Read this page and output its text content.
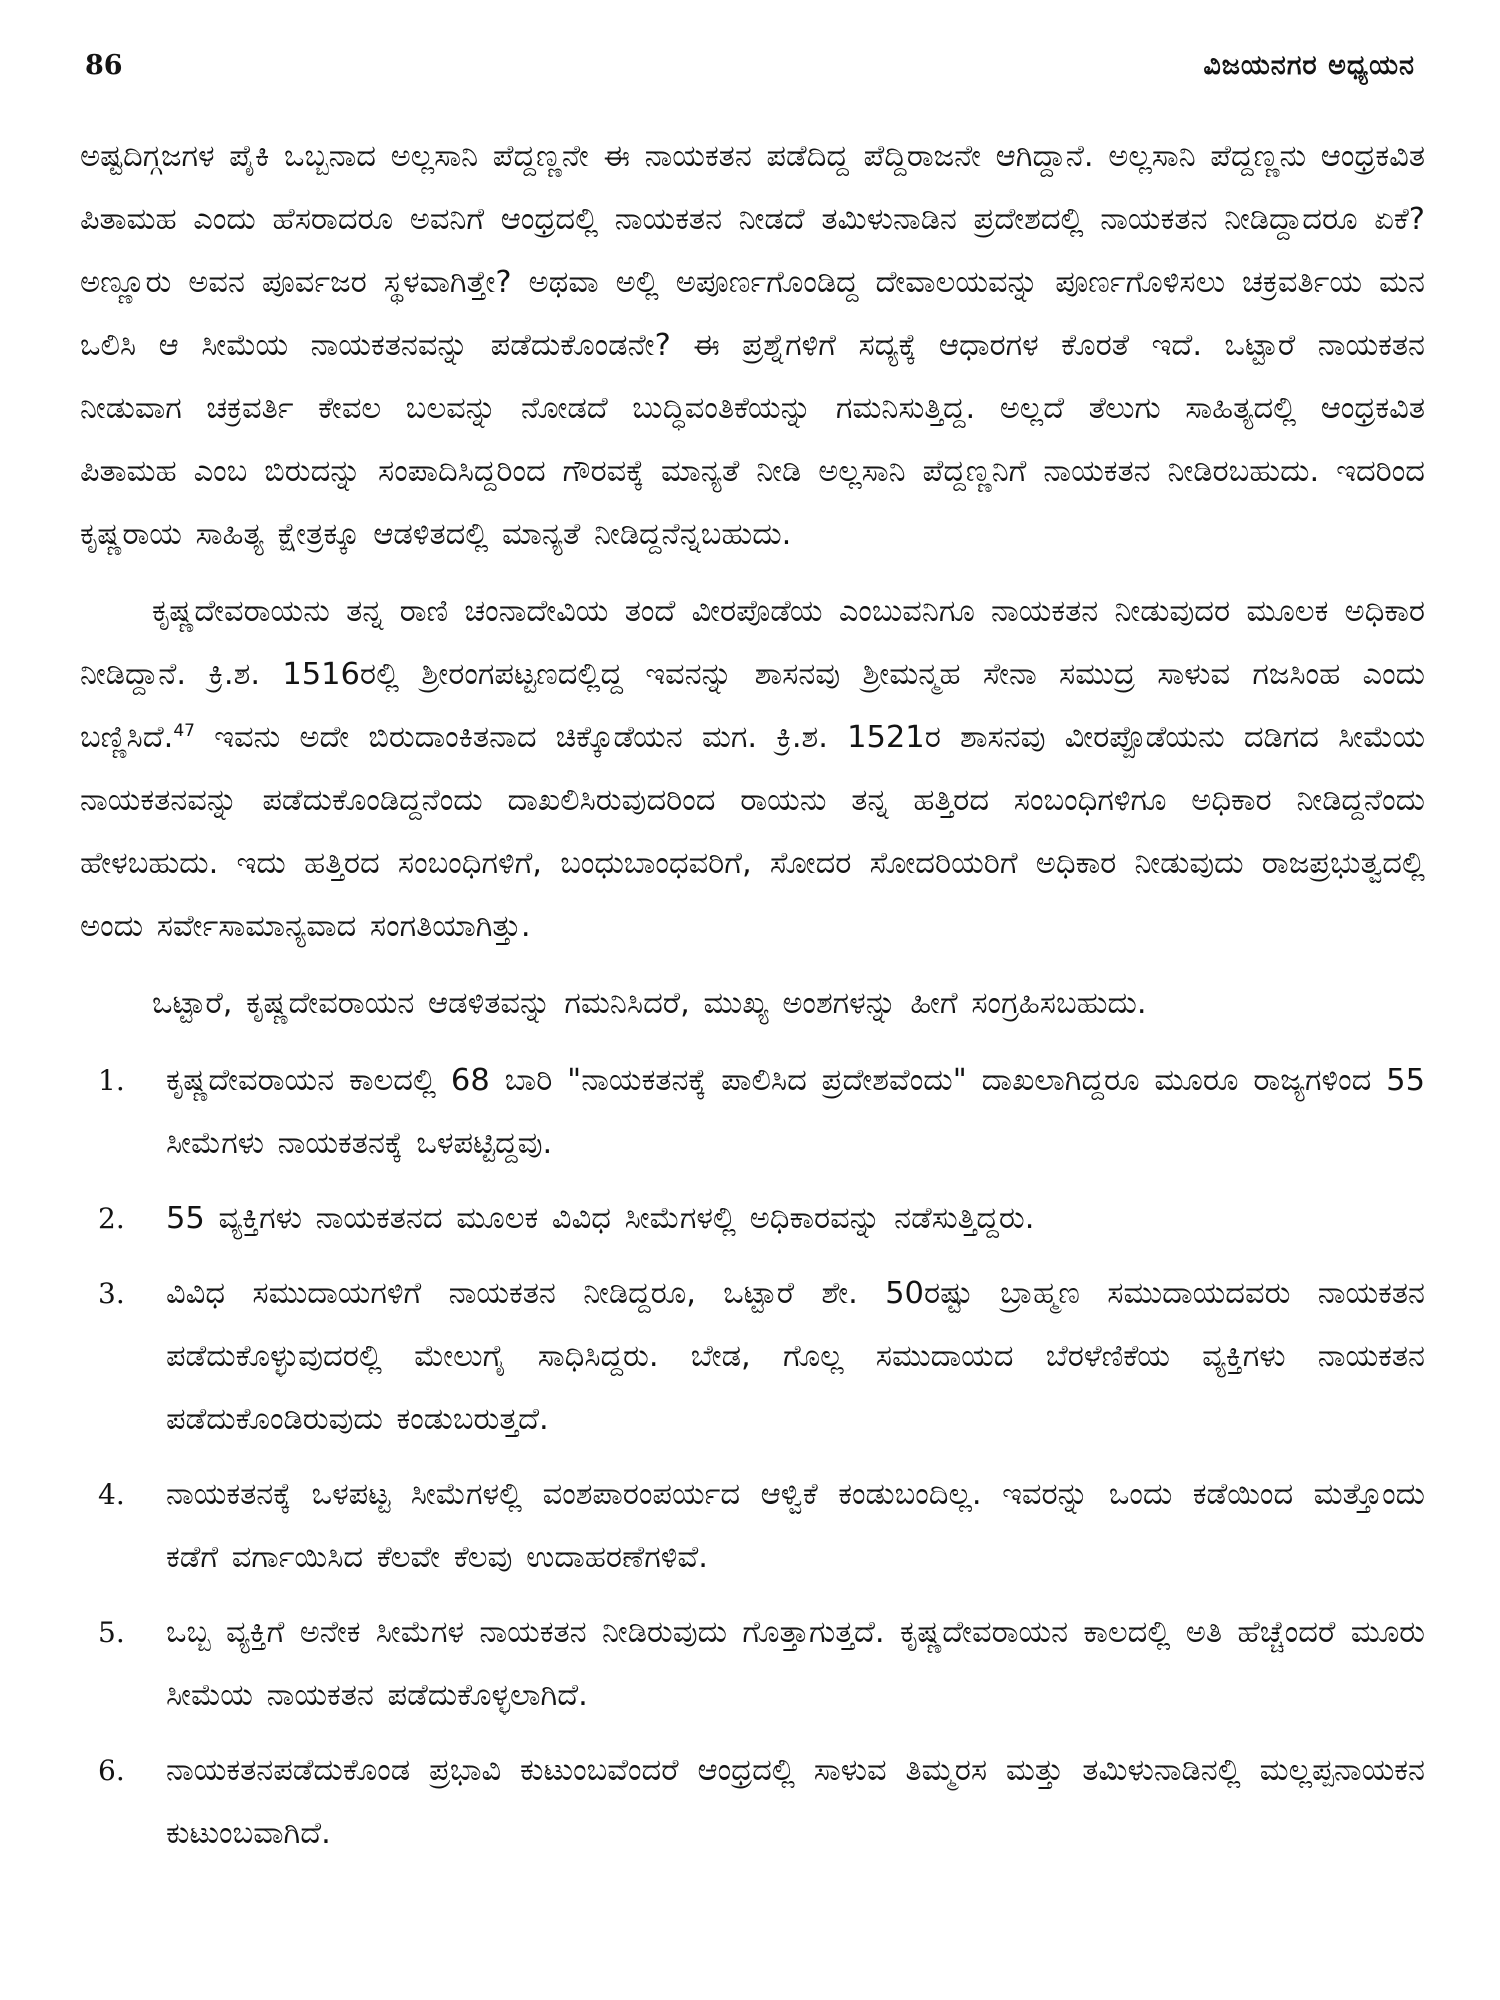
86	ವಿಜಯನಗರ ಅಧ್ಯಯನ

ಅಷ್ಟದಿಗ್ಗಜಗಳ ಪೈಕಿ ಒಬ್ಬನಾದ ಅಲ್ಲಸಾನಿ ಪೆದ್ದಣ್ಣನೇ ಈ ನಾಯಕತನ ಪಡೆದಿದ್ದ ಪೆದ್ದಿರಾಜನೇ ಆಗಿದ್ದಾನೆ. ಅಲ್ಲಸಾನಿ ಪೆದ್ದಣ್ಣನು ಆಂಧ್ರಕವಿತ ಪಿತಾಮಹ ಎಂದು ಹೆಸರಾದರೂ ಅವನಿಗೆ ಆಂಧ್ರದಲ್ಲಿ ನಾಯಕತನ ನೀಡದೆ ತಮಿಳುನಾಡಿನ ಪ್ರದೇಶದಲ್ಲಿ ನಾಯಕತನ ನೀಡಿದ್ದಾದರೂ ಏಕೆ? ಅಣ್ಣೂರು ಅವನ ಪೂರ್ವಜರ ಸ್ಥಳವಾಗಿತ್ತೇ? ಅಥವಾ ಅಲ್ಲಿ ಅಪೂರ್ಣಗೊಂಡಿದ್ದ ದೇವಾಲಯವನ್ನು ಪೂರ್ಣಗೊಳಿಸಲು ಚಕ್ರವರ್ತಿಯ ಮನ ಒಲಿಸಿ ಆ ಸೀಮೆಯ ನಾಯಕತನವನ್ನು ಪಡೆದುಕೊಂಡನೇ? ಈ ಪ್ರಶ್ನೆಗಳಿಗೆ ಸದ್ಯಕ್ಕೆ ಆಧಾರಗಳ ಕೊರತೆ ಇದೆ. ಒಟ್ಟಾರೆ ನಾಯಕತನ ನೀಡುವಾಗ ಚಕ್ರವರ್ತಿ ಕೇವಲ ಬಲವನ್ನು ನೋಡದೆ ಬುದ್ಧಿವಂತಿಕೆಯನ್ನು ಗಮನಿಸುತ್ತಿದ್ದ. ಅಲ್ಲದೆ ತೆಲುಗು ಸಾಹಿತ್ಯದಲ್ಲಿ ಆಂಧ್ರಕವಿತ ಪಿತಾಮಹ ಎಂಬ ಬಿರುದನ್ನು ಸಂಪಾದಿಸಿದ್ದರಿಂದ ಗೌರವಕ್ಕೆ ಮಾನ್ಯತೆ ನೀಡಿ ಅಲ್ಲಸಾನಿ ಪೆದ್ದಣ್ಣನಿಗೆ ನಾಯಕತನ ನೀಡಿರಬಹುದು. ಇದರಿಂದ ಕೃಷ್ಣರಾಯ ಸಾಹಿತ್ಯ ಕ್ಷೇತ್ರಕ್ಕೂ ಆಡಳಿತದಲ್ಲಿ ಮಾನ್ಯತೆ ನೀಡಿದ್ದನೆನ್ನಬಹುದು.

ಕೃಷ್ಣದೇವರಾಯನು ತನ್ನ ರಾಣಿ ಚಂನಾದೇವಿಯ ತಂದೆ ವೀರಪೊಡೆಯ ಎಂಬುವನಿಗೂ ನಾಯಕತನ ನೀಡುವುದರ ಮೂಲಕ ಅಧಿಕಾರ ನೀಡಿದ್ದಾನೆ. ಕ್ರಿ.ಶ. 1516ರಲ್ಲಿ ಶ್ರೀರಂಗಪಟ್ಟಣದಲ್ಲಿದ್ದ ಇವನನ್ನು ಶಾಸನವು ಶ್ರೀಮನ್ಮಹ ಸೇನಾ ಸಮುದ್ರ ಸಾಳುವ ಗಜಸಿಂಹ ಎಂದು ಬಣ್ಣಿಸಿದೆ.$^{47}$ ಇವನು ಅದೇ ಬಿರುದಾಂಕಿತನಾದ ಚಿಕ್ಕೊಡೆಯನ ಮಗ. ಕ್ರಿ.ಶ. 1521ರ ಶಾಸನವು ವೀರಪ್ಪೊಡೆಯನು ದಡಿಗದ ಸೀಮೆಯ ನಾಯಕತನವನ್ನು ಪಡೆದುಕೊಂಡಿದ್ದನೆಂದು ದಾಖಲಿಸಿರುವುದರಿಂದ ರಾಯನು ತನ್ನ ಹತ್ತಿರದ ಸಂಬಂಧಿಗಳಿಗೂ ಅಧಿಕಾರ ನೀಡಿದ್ದನೆಂದು ಹೇಳಬಹುದು. ಇದು ಹತ್ತಿರದ ಸಂಬಂಧಿಗಳಿಗೆ, ಬಂಧುಬಾಂಧವರಿಗೆ, ಸೋದರ ಸೋದರಿಯರಿಗೆ ಅಧಿಕಾರ ನೀಡುವುದು ರಾಜಪ್ರಭುತ್ವದಲ್ಲಿ ಅಂದು ಸರ್ವೇಸಾಮಾನ್ಯವಾದ ಸಂಗತಿಯಾಗಿತ್ತು.

ಒಟ್ಟಾರೆ, ಕೃಷ್ಣದೇವರಾಯನ ಆಡಳಿತವನ್ನು ಗಮನಿಸಿದರೆ, ಮುಖ್ಯ ಅಂಶಗಳನ್ನು ಹೀಗೆ ಸಂಗ್ರಹಿಸಬಹುದು.

1.	ಕೃಷ್ಣದೇವರಾಯನ ಕಾಲದಲ್ಲಿ 68 ಬಾರಿ "ನಾಯಕತನಕ್ಕೆ ಪಾಲಿಸಿದ ಪ್ರದೇಶವೆಂದು" ದಾಖಲಾಗಿದ್ದರೂ ಮೂರೂ ರಾಜ್ಯಗಳಿಂದ 55 ಸೀಮೆಗಳು ನಾಯಕತನಕ್ಕೆ ಒಳಪಟ್ಟಿದ್ದವು.
2.	55 ವ್ಯಕ್ತಿಗಳು ನಾಯಕತನದ ಮೂಲಕ ವಿವಿಧ ಸೀಮೆಗಳಲ್ಲಿ ಅಧಿಕಾರವನ್ನು ನಡೆಸುತ್ತಿದ್ದರು.
3.	ವಿವಿಧ ಸಮುದಾಯಗಳಿಗೆ ನಾಯಕತನ ನೀಡಿದ್ದರೂ, ಒಟ್ಟಾರೆ ಶೇ. 50ರಷ್ಟು ಬ್ರಾಹ್ಮಣ ಸಮುದಾಯದವರು ನಾಯಕತನ ಪಡೆದುಕೊಳ್ಳುವುದರಲ್ಲಿ ಮೇಲುಗೈ ಸಾಧಿಸಿದ್ದರು. ಬೇಡ, ಗೊಲ್ಲ ಸಮುದಾಯದ ಬೆರಳೆಣಿಕೆಯ ವ್ಯಕ್ತಿಗಳು ನಾಯಕತನ ಪಡೆದುಕೊಂಡಿರುವುದು ಕಂಡುಬರುತ್ತದೆ.
4.	ನಾಯಕತನಕ್ಕೆ ಒಳಪಟ್ಟ ಸೀಮೆಗಳಲ್ಲಿ ವಂಶಪಾರಂಪರ್ಯದ ಆಳ್ವಿಕೆ ಕಂಡುಬಂದಿಲ್ಲ. ಇವರನ್ನು ಒಂದು ಕಡೆಯಿಂದ ಮತ್ತೊಂದು ಕಡೆಗೆ ವರ್ಗಾಯಿಸಿದ ಕೆಲವೇ ಕೆಲವು ಉದಾಹರಣೆಗಳಿವೆ.
5.	ಒಬ್ಬ ವ್ಯಕ್ತಿಗೆ ಅನೇಕ ಸೀಮೆಗಳ ನಾಯಕತನ ನೀಡಿರುವುದು ಗೊತ್ತಾಗುತ್ತದೆ. ಕೃಷ್ಣದೇವರಾಯನ ಕಾಲದಲ್ಲಿ ಅತಿ ಹೆಚ್ಚೆಂದರೆ ಮೂರು ಸೀಮೆಯ ನಾಯಕತನ ಪಡೆದುಕೊಳ್ಳಲಾಗಿದೆ.
6.	ನಾಯಕತನಪಡೆದುಕೊಂಡ ಪ್ರಭಾವಿ ಕುಟುಂಬವೆಂದರೆ ಆಂಧ್ರದಲ್ಲಿ ಸಾಳುವ ತಿಮ್ಮರಸ ಮತ್ತು ತಮಿಳುನಾಡಿನಲ್ಲಿ ಮಲ್ಲಪ್ಪನಾಯಕನ ಕುಟುಂಬವಾಗಿದೆ.
